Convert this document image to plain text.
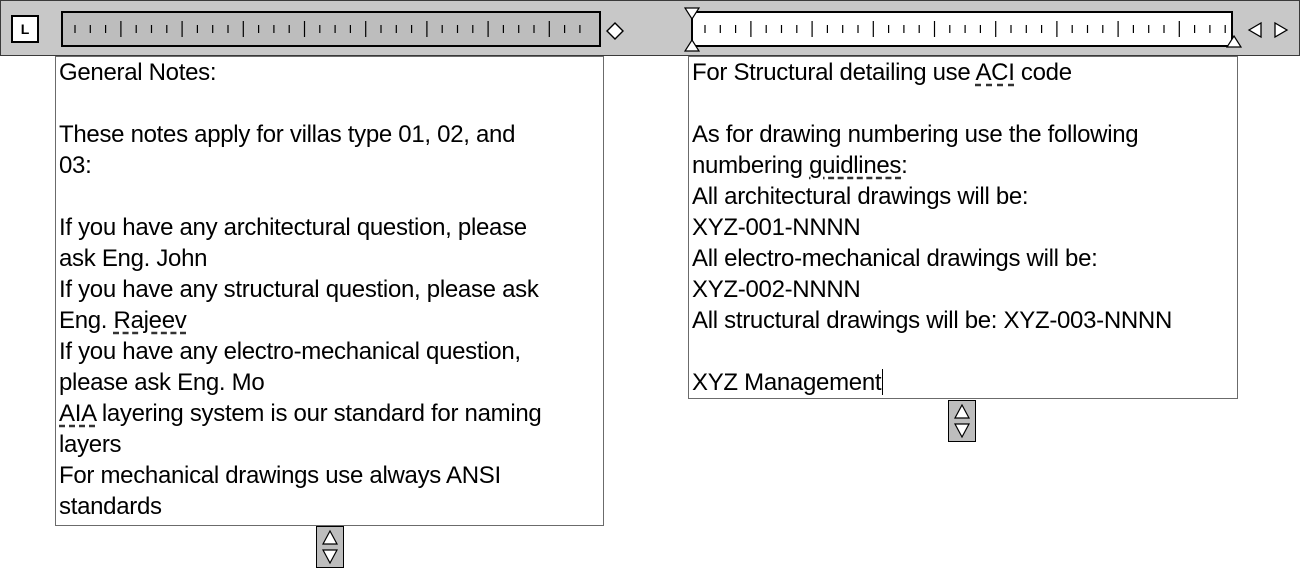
L
General Notes:

These notes apply for villas type 01, 02, and
03:

If you have any architectural question, please
ask Eng. John
If you have any structural question, please ask
Eng. Rajeev
If you have any electro-mechanical question,
please ask Eng. Mo
AIA layering system is our standard for naming
layers
For mechanical drawings use always ANSI
standards
For Structural detailing use ACI code

As for drawing numbering use the following
numbering guidlines:
All architectural drawings will be:
XYZ-001-NNNN
All electro-mechanical drawings will be:
XYZ-002-NNNN
All structural drawings will be: XYZ-003-NNNN

XYZ Management
